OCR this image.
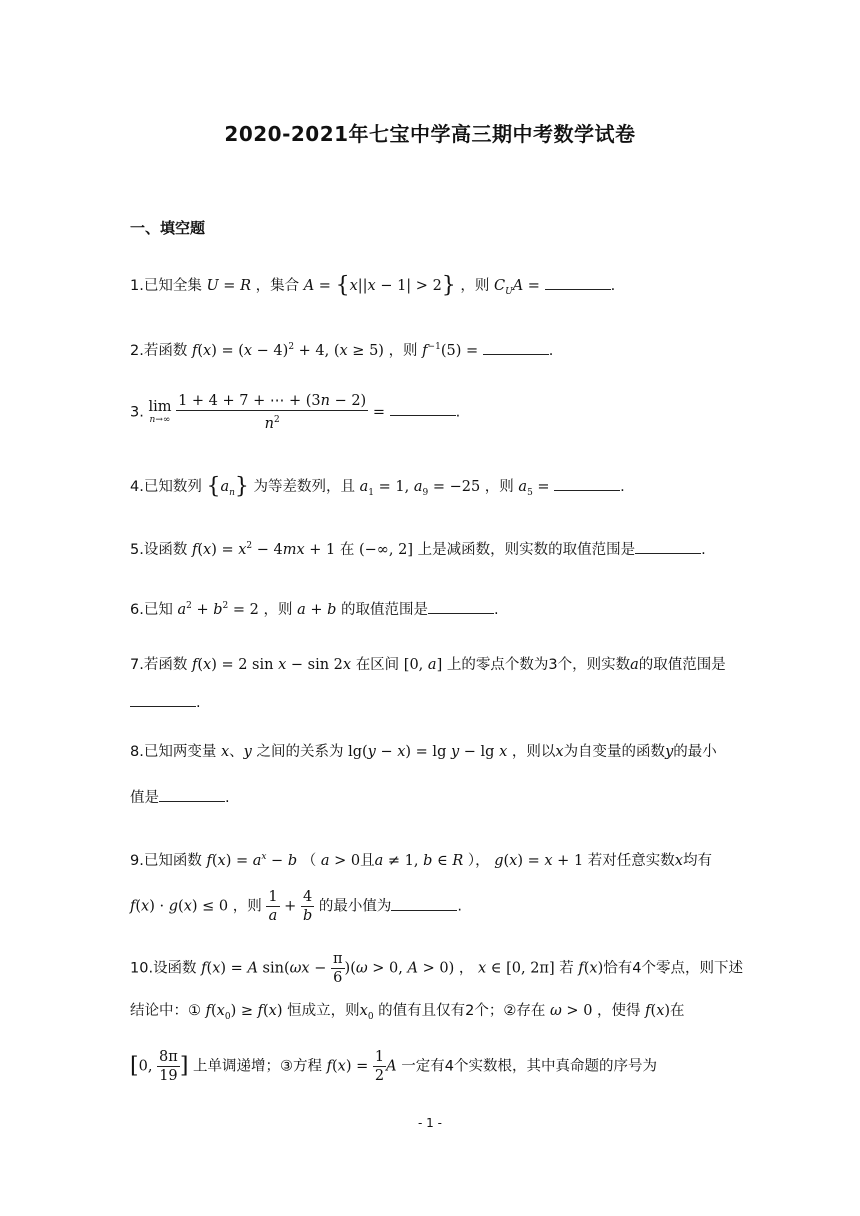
2020-2021年七宝中学高三期中考数学试卷
一、填空题
1.已知全集 U = R ，集合 A = {x||x − 1| > 2} ，则 $C_UA$ =	.
2.若函数 $f(x) = (x - 4)^2 + 4$, (x ≥ 5) ，则 $f^{-1}(5)$ =	.
3. lim
n→∞
$\frac{1 + 4 + 7 + \cdots + (3n - 2)}{n^2}$ =	.
4.已知数列 $\{a_n\}$ 为等差数列，且 $a_1 = 1$, $a_9 = -25$ ，则 $a_5$ =	.
5.设函数 $f(x) = x^2 - 4mx + 1$ 在 (−∞, 2] 上是减函数，则实数的取值范围是	.
6.已知 $a^2 + b^2 = 2$ ，则 a + b 的取值范围是	.
7.若函数 f(x) = 2 sin x − sin 2x 在区间 [0, a] 上的零点个数为3个，则实数a的取值范围是
.
8.已知两变量 x、y 之间的关系为 lg(y − x) = lg y − lg x ，则以x为自变量的函数y的最小
值是	.
9.已知函数 $f(x) = a^x - b$ （ a > 0且a ≠ 1, b ∈ R ）， g(x) = x + 1 若对任意实数x均有
f(x) · g(x) ≤ 0 ，则 $\frac{1}{a} + \frac{4}{b}$ 的最小值为	.
10.设函数 f(x) = A $\sin(\omega x - \frac{\pi}{6} )(\omega > 0$, A > 0) ， x ∈ [0, 2π] 若 f(x)恰有4个零点，则下述
结论中：① $f(x_0) \ge f(x)$ 恒成立，则$x_0$ 的值有且仅有2个；②存在 ω > 0 ，使得 f(x)在
[0, $\frac{8\pi}{19}$ ] 上单调递增；③方程 $f(x) = \frac{1}{2}$ A 一定有4个实数根，其中真命题的序号为
- 1 -
